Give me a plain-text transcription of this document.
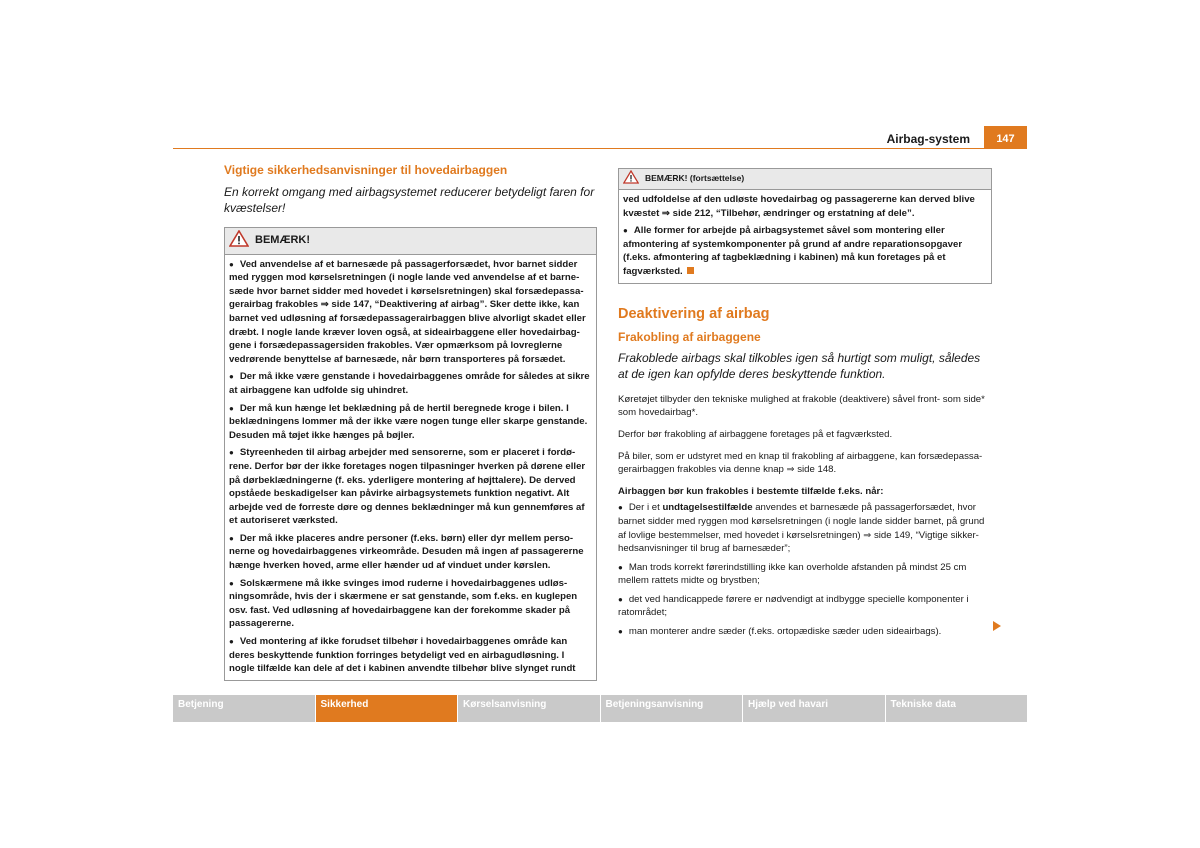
Airbag-system	147
Vigtige sikkerhedsanvisninger til hovedairbaggen
En korrekt omgang med airbagsystemet reducerer betydeligt faren for kvæstelser!
BEMÆRK!

● Ved anvendelse af et barnesæde på passagerforsædet, hvor barnet sidder med ryggen mod kørselsretningen (i nogle lande ved anvendelse af et barnesæde hvor barnet sidder med hovedet i kørselsretningen) skal forsædepassagerairbag frakobles ⇒ side 147, “Deaktivering af airbag”. Sker dette ikke, kan barnet ved udløsning af forsædepassagerairbaggen blive alvorligt skadet eller dræbt. I nogle lande kræver loven også, at sideairbaggene eller hovedairbaggene i forsædepassagersiden frakobles. Vær opmærksom på lovreglerne vedrørende benyttelse af barnesæde, når børn transporteres på forsædet.

● Der må ikke være genstande i hovedairbaggenes område for således at sikre at airbaggene kan udfolde sig uhindret.

● Der må kun hænge let beklædning på de hertil beregnede kroge i bilen. I beklædningens lommer må der ikke være nogen tunge eller skarpe genstande. Desuden må tøjet ikke hænges på bøjler.

● Styreenheden til airbag arbejder med sensorerne, som er placeret i fordørene. Derfor bør der ikke foretages nogen tilpasninger hverken på dørene eller på dørbeklædningerne (f. eks. yderligere montering af højttalere). De derved opståede beskadigelser kan påvirke airbagsystemets funktion negativt. Alt arbejde ved de forreste døre og dennes beklædninger må kun gennemføres af et autoriseret værksted.

● Der må ikke placeres andre personer (f.eks. børn) eller dyr mellem personerne og hovedairbaggenes virkeområde. Desuden må ingen af passagererne hænge hverken hoved, arme eller hænder ud af vinduet under kørslen.

● Solskærmene må ikke svinges imod ruderne i hovedairbaggenes udløsningsområde, hvis der i skærmene er sat genstande, som f.eks. en kuglepen osv. fast. Ved udløsning af hovedairbaggene kan der forekomme skader på passagererne.

● Ved montering af ikke forudset tilbehør i hovedairbaggenes område kan deres beskyttende funktion forringes betydeligt ved en airbagudløsning. I nogle tilfælde kan dele af det i kabinen anvendte tilbehør blive slynget rundt

BEMÆRK! (fortsættelse)

ved udfoldelse af den udløste hovedairbag og passagererne kan derved blive kvæstet ⇒ side 212, “Tilbehør, ændringer og erstatning af dele”.

● Alle former for arbejde på airbagsystemet såvel som montering eller afmontering af systemkomponenter på grund af andre reparationsopgaver (f.eks. afmontering af tagbeklædning i kabinen) må kun foretages på et fagværksted.

Deaktivering af airbag
Frakobling af airbaggene
Frakoblede airbags skal tilkobles igen så hurtigt som muligt, således at de igen kan opfylde deres beskyttende funktion.

Køretøjet tilbyder den tekniske mulighed at frakoble (deaktivere) såvel front- som side* som hovedairbag*.

Derfor bør frakobling af airbaggene foretages på et fagværksted.

På biler, som er udstyret med en knap til frakobling af airbaggene, kan forsædepassagerairbaggen frakobles via denne knap ⇒ side 148.

Airbaggen bør kun frakobles i bestemte tilfælde f.eks. når:

● Der i et undtagelsestilfælde anvendes et barnesæde på passagerforsædet, hvor barnet sidder med ryggen mod kørselsretningen (i nogle lande sidder barnet, på grund af lovlige bestemmelser, med hovedet i kørselsretningen) ⇒ side 149, “Vigtige sikkerhedsanvisninger til brug af barnesæder”;

● Man trods korrekt førerindstilling ikke kan overholde afstanden på mindst 25 cm mellem rattets midte og brystben;

● det ved handicappede førere er nødvendigt at indbygge specielle komponenter i ratområdet;

● man monterer andre sæder (f.eks. ortopædiske sæder uden sideairbags).

Betjening	Sikkerhed	Kørselsanvisning	Betjeningsanvisning	Hjælp ved havari	Tekniske data
